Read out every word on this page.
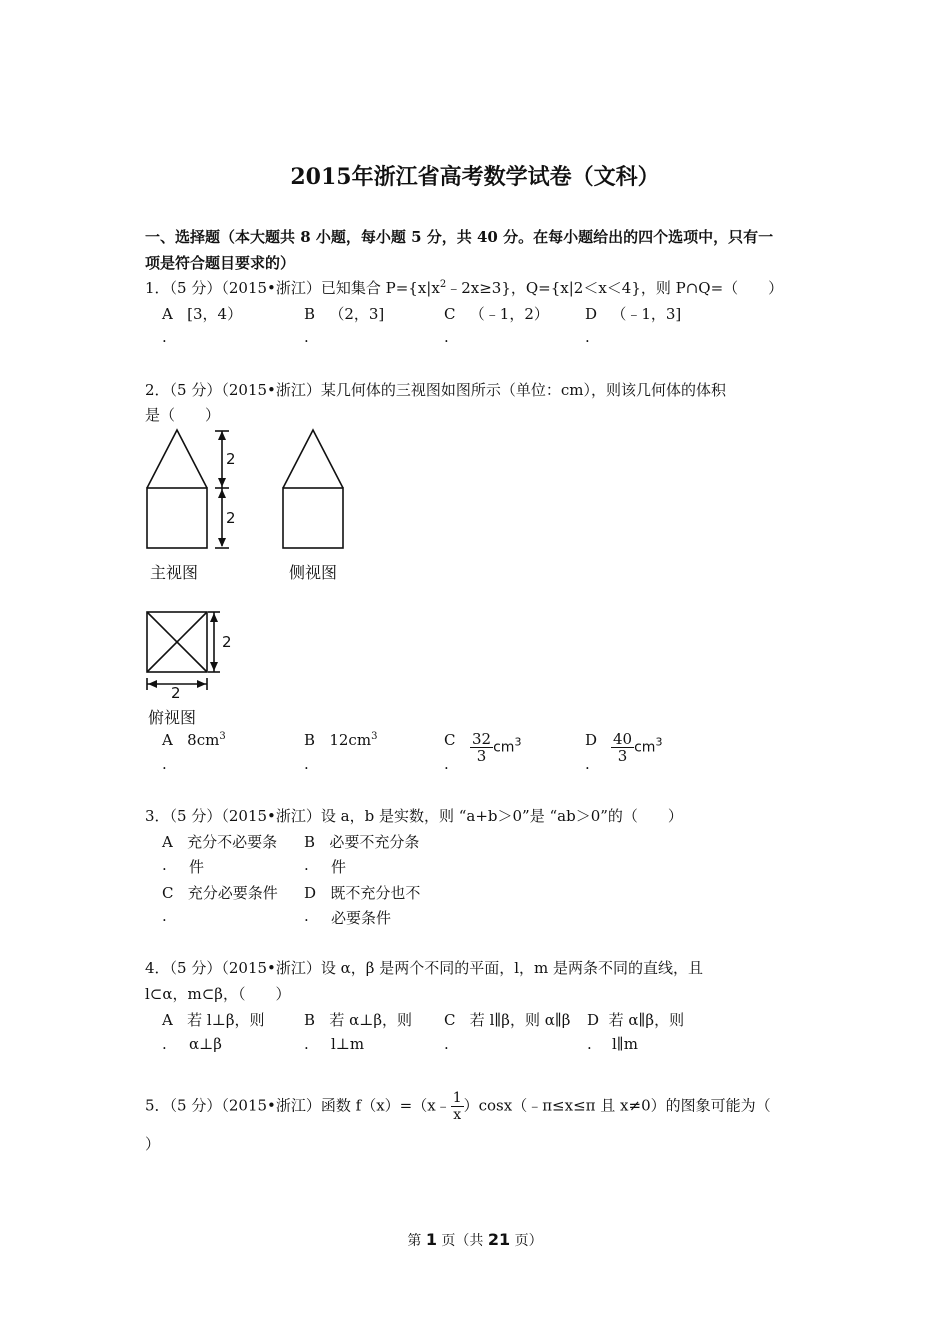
2015年浙江省高考数学试卷（文科）
一、选择题（本大题共 8 小题，每小题 5 分，共 40 分。在每小题给出的四个选项中，只有一
项是符合题目要求的）
1．（5 分）（2015•浙江）已知集合 $P=\{x|x^2﹣2x\ge 3\}$，Q={x|2＜x＜4}，则 P∩Q=（　　）
A [3，4）	B （2，3]	C （﹣1，2） D （﹣1，3]
.	.	.	.
2．（5 分）（2015•浙江）某几何体的三视图如图所示（单位：cm），则该几何体的体积
是（　　）
2
2
2
2
主视图	侧视图
俯视图
A $8cm^3$	B $12cm^3$	C $\frac{32}{3} cm^3$	D $\frac{40}{3} cm^3$
.	.	.	.
3．（5 分）（2015•浙江）设 a，b 是实数，则 “a+b＞0”是 “ab＞0”的（　　）
A 充分不必要条 B 必要不充分条
. 件	. 件
C 充分必要条件 D 既不充分也不
.	. 必要条件
4．（5 分）（2015•浙江）设 α，β 是两个不同的平面，l，m 是两条不同的直线，且
l⊂α，m⊂β，（　　）
A 若 l⊥β，则	B 若 α⊥β，则 C 若 l∥β，则 α∥β D 若 α∥β，则
. α⊥β	. l⊥m	.	. l∥m
5．（5 分）（2015•浙江）函数 f（x）=（x﹣ $\frac{1}{x}$ ）cosx（﹣π≤x≤π 且 x≠0）的图象可能为（
）
第 1 页（共 21 页）
